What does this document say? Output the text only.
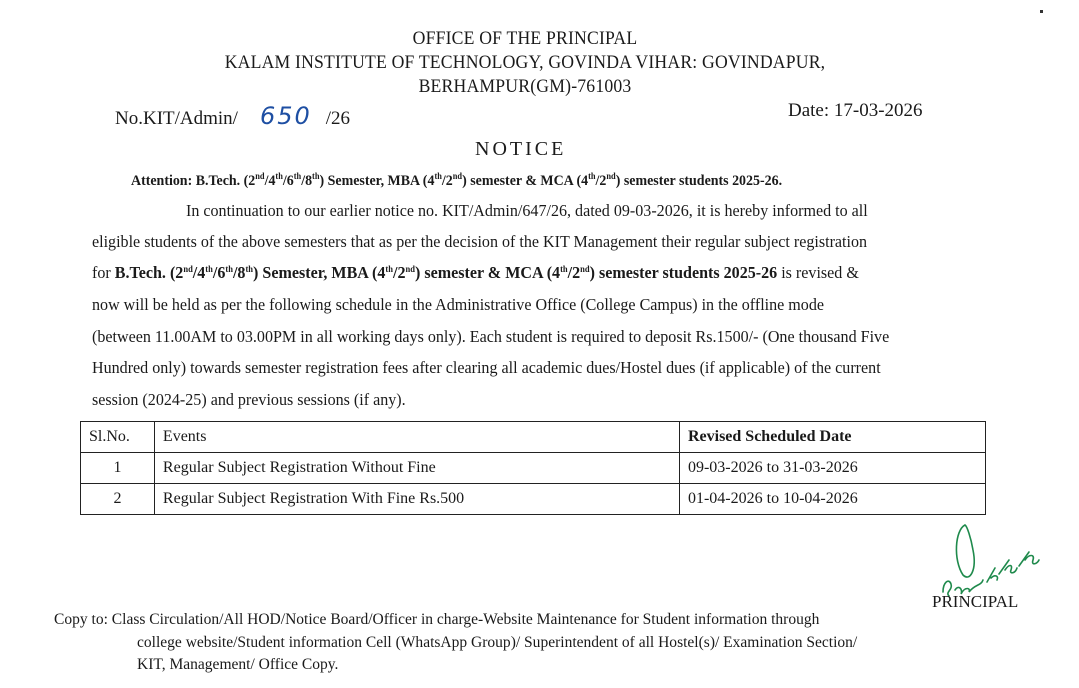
OFFICE OF THE PRINCIPAL
KALAM INSTITUTE OF TECHNOLOGY, GOVINDA VIHAR: GOVINDAPUR,
BERHAMPUR(GM)-761003
No.KIT/Admin/ 650 /26	Date: 17-03-2026
NOTICE
Attention: B.Tech. (2nd/4th/6th/8th) Semester, MBA (4th/2nd) semester & MCA (4th/2nd) semester students 2025-26.
In continuation to our earlier notice no. KIT/Admin/647/26, dated 09-03-2026, it is hereby informed to all
eligible students of the above semesters that as per the decision of the KIT Management their regular subject registration
for B.Tech. (2nd/4th/6th/8th) Semester, MBA (4th/2nd) semester & MCA (4th/2nd) semester students 2025-26 is revised &
now will be held as per the following schedule in the Administrative Office (College Campus) in the offline mode
(between 11.00AM to 03.00PM in all working days only). Each student is required to deposit Rs.1500/- (One thousand Five
Hundred only) towards semester registration fees after clearing all academic dues/Hostel dues (if applicable) of the current
session (2024-25) and previous sessions (if any).
Sl.No.	Events	Revised Scheduled Date
1	Regular Subject Registration Without Fine	09-03-2026 to 31-03-2026
2	Regular Subject Registration With Fine Rs.500	01-04-2026 to 10-04-2026
PRINCIPAL
Copy to: Class Circulation/All HOD/Notice Board/Officer in charge-Website Maintenance for Student information through
college website/Student information Cell (WhatsApp Group)/ Superintendent of all Hostel(s)/ Examination Section/
KIT, Management/ Office Copy.
